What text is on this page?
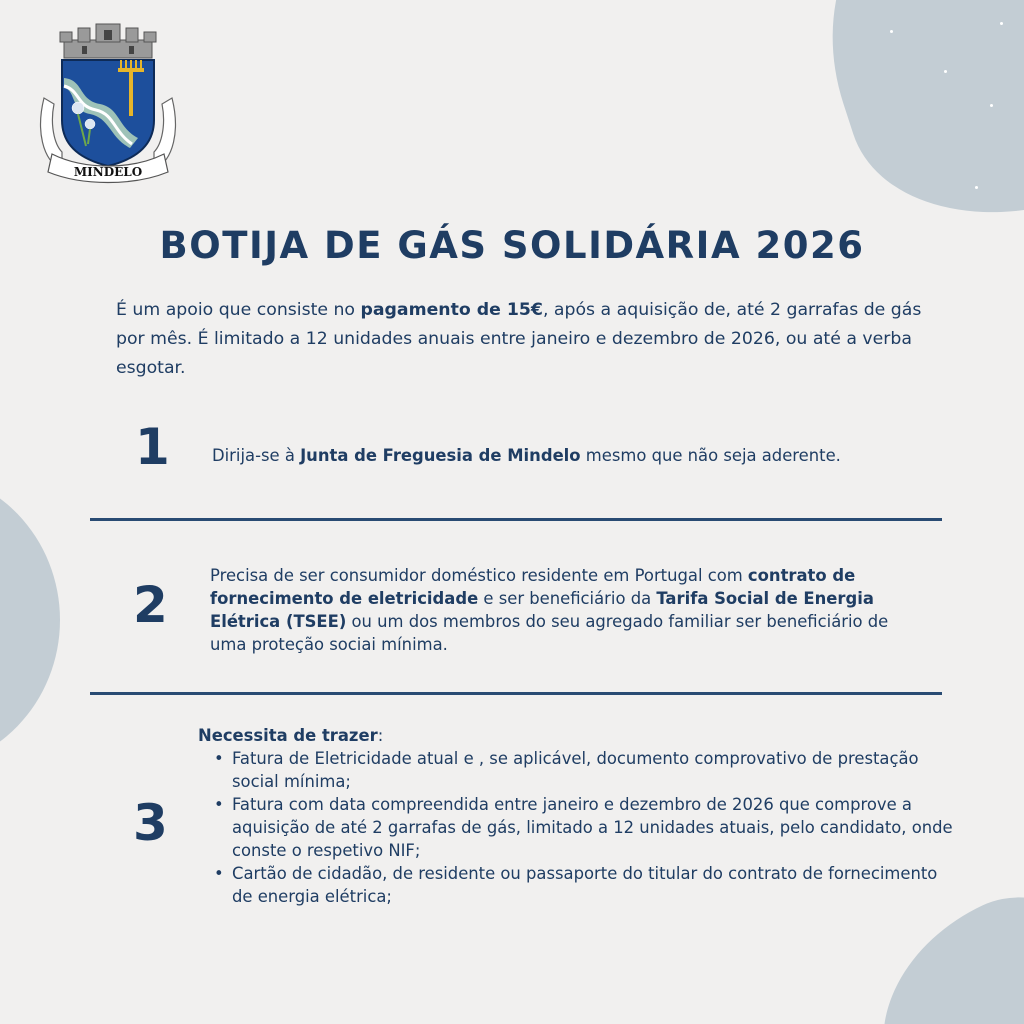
MINDELO
BOTIJA DE GÁS SOLIDÁRIA 2026

É um apoio que consiste no pagamento de 15€, após a aquisição de, até 2 garrafas de gás por mês. É limitado a 12 unidades anuais entre janeiro e dezembro de 2026, ou até a verba esgotar.

1	Dirija-se à Junta de Freguesia de Mindelo mesmo que não seja aderente.

2

Precisa de ser consumidor doméstico residente em Portugal com contrato de fornecimento de eletricidade e ser beneficiário da Tarifa Social de Energia Elétrica (TSEE) ou um dos membros do seu agregado familiar ser beneficiário de uma proteção sociai mínima.

3
Necessita de trazer:
• Fatura de Eletricidade atual e , se aplicável, documento comprovativo de prestação social mínima;
• Fatura com data compreendida entre janeiro e dezembro de 2026 que comprove a aquisição de até 2 garrafas de gás, limitado a 12 unidades atuais, pelo candidato, onde conste o respetivo NIF;
• Cartão de cidadão, de residente ou passaporte do titular do contrato de fornecimento de energia elétrica;
